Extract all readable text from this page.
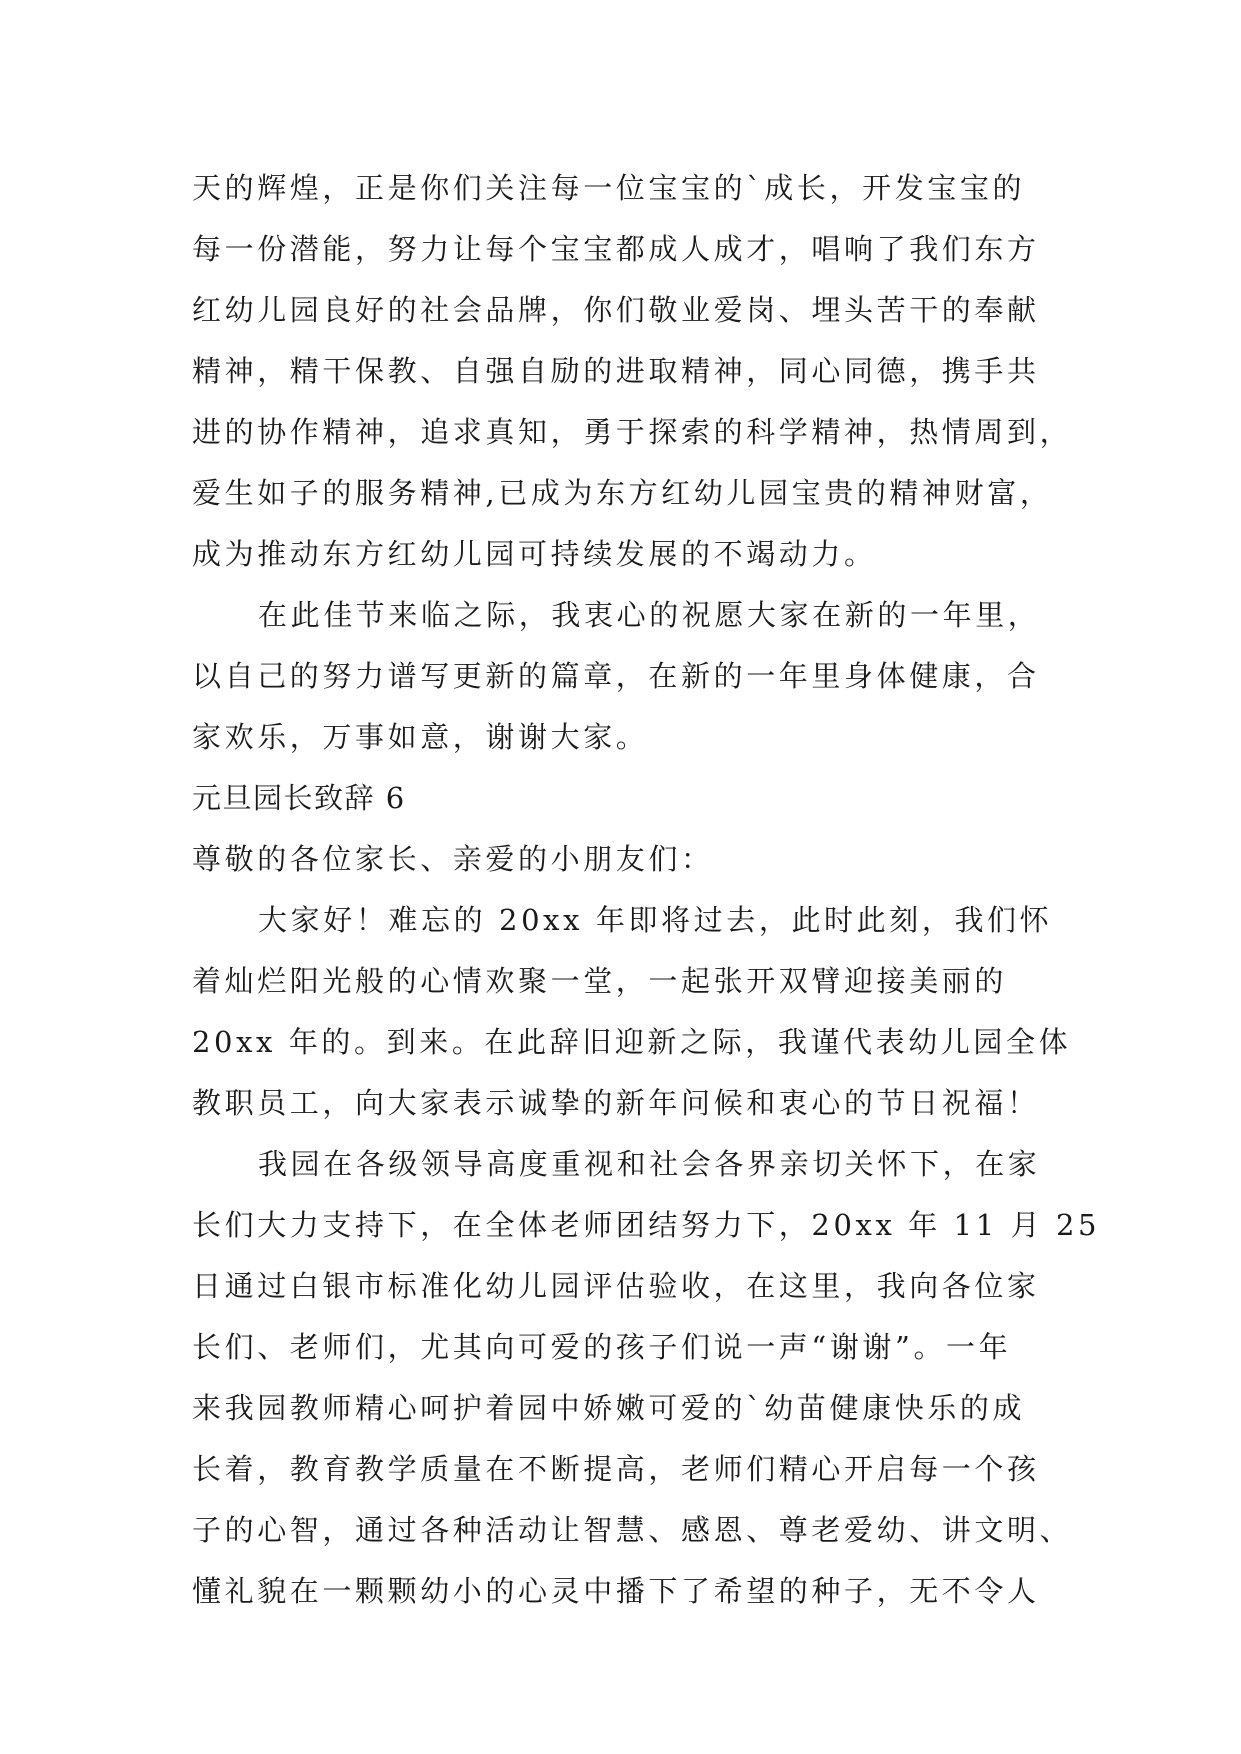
天的辉煌，正是你们关注每一位宝宝的`成长，开发宝宝的
每一份潜能，努力让每个宝宝都成人成才，唱响了我们东方
红幼儿园良好的社会品牌，你们敬业爱岗、埋头苦干的奉献
精神，精干保教、自强自励的进取精神，同心同德，携手共
进的协作精神，追求真知，勇于探索的科学精神，热情周到，
爱生如子的服务精神,已成为东方红幼儿园宝贵的精神财富，
成为推动东方红幼儿园可持续发展的不竭动力。
在此佳节来临之际，我衷心的祝愿大家在新的一年里，
以自己的努力谱写更新的篇章，在新的一年里身体健康，合
家欢乐，万事如意，谢谢大家。
元旦园长致辞 6
尊敬的各位家长、亲爱的小朋友们：
大家好！难忘的 20xx 年即将过去，此时此刻，我们怀
着灿烂阳光般的心情欢聚一堂，一起张开双臂迎接美丽的
20xx 年的。到来。在此辞旧迎新之际，我谨代表幼儿园全体
教职员工，向大家表示诚挚的新年问候和衷心的节日祝福！
我园在各级领导高度重视和社会各界亲切关怀下，在家
长们大力支持下，在全体老师团结努力下，20xx 年 11 月 25
日通过白银市标准化幼儿园评估验收，在这里，我向各位家
长们、老师们，尤其向可爱的孩子们说一声“谢谢”。一年
来我园教师精心呵护着园中娇嫩可爱的`幼苗健康快乐的成
长着，教育教学质量在不断提高，老师们精心开启每一个孩
子的心智，通过各种活动让智慧、感恩、尊老爱幼、讲文明、
懂礼貌在一颗颗幼小的心灵中播下了希望的种子，无不令人
